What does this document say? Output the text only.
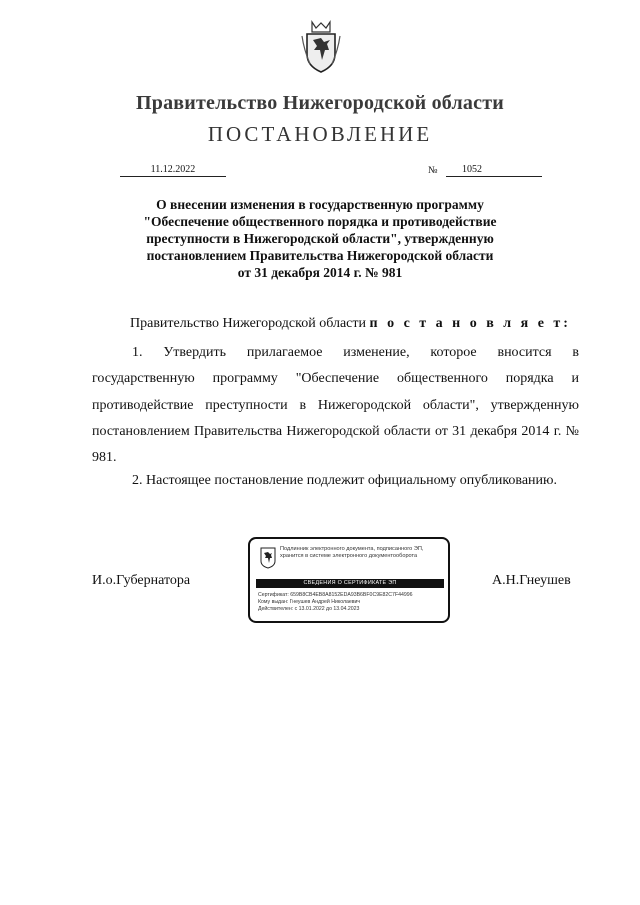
Правительство Нижегородской области
ПОСТАНОВЛЕНИЕ
11.12.2022	№	1052
О внесении изменения в государственную программу
"Обеспечение общественного порядка и противодействие
преступности в Нижегородской области", утвержденную
постановлением Правительства Нижегородской области
от 31 декабря 2014 г. № 981
Правительство Нижегородской области п о с т а н о в л я е т:
1. Утвердить прилагаемое изменение, которое вносится в государственную программу "Обеспечение общественного порядка и противодействие преступности в Нижегородской области", утвержденную постановлением Правительства Нижегородской области от 31 декабря 2014 г. № 981.
2. Настоящее постановление подлежит официальному опубликованию.
И.о.Губернатора	А.Н.Гнеушев
Подлинник электронного документа, подписанного ЭП,
хранится в системе электронного документооборота
СВЕДЕНИЯ О СЕРТИФИКАТЕ ЭП
Сертификат: 659B8CB4EB8A8152EDA93B6BF0C9E82C7F44996
Кому выдан: Гнеушев Андрей Николаевич
Действителен: с 13.01.2022 до 13.04.2023
